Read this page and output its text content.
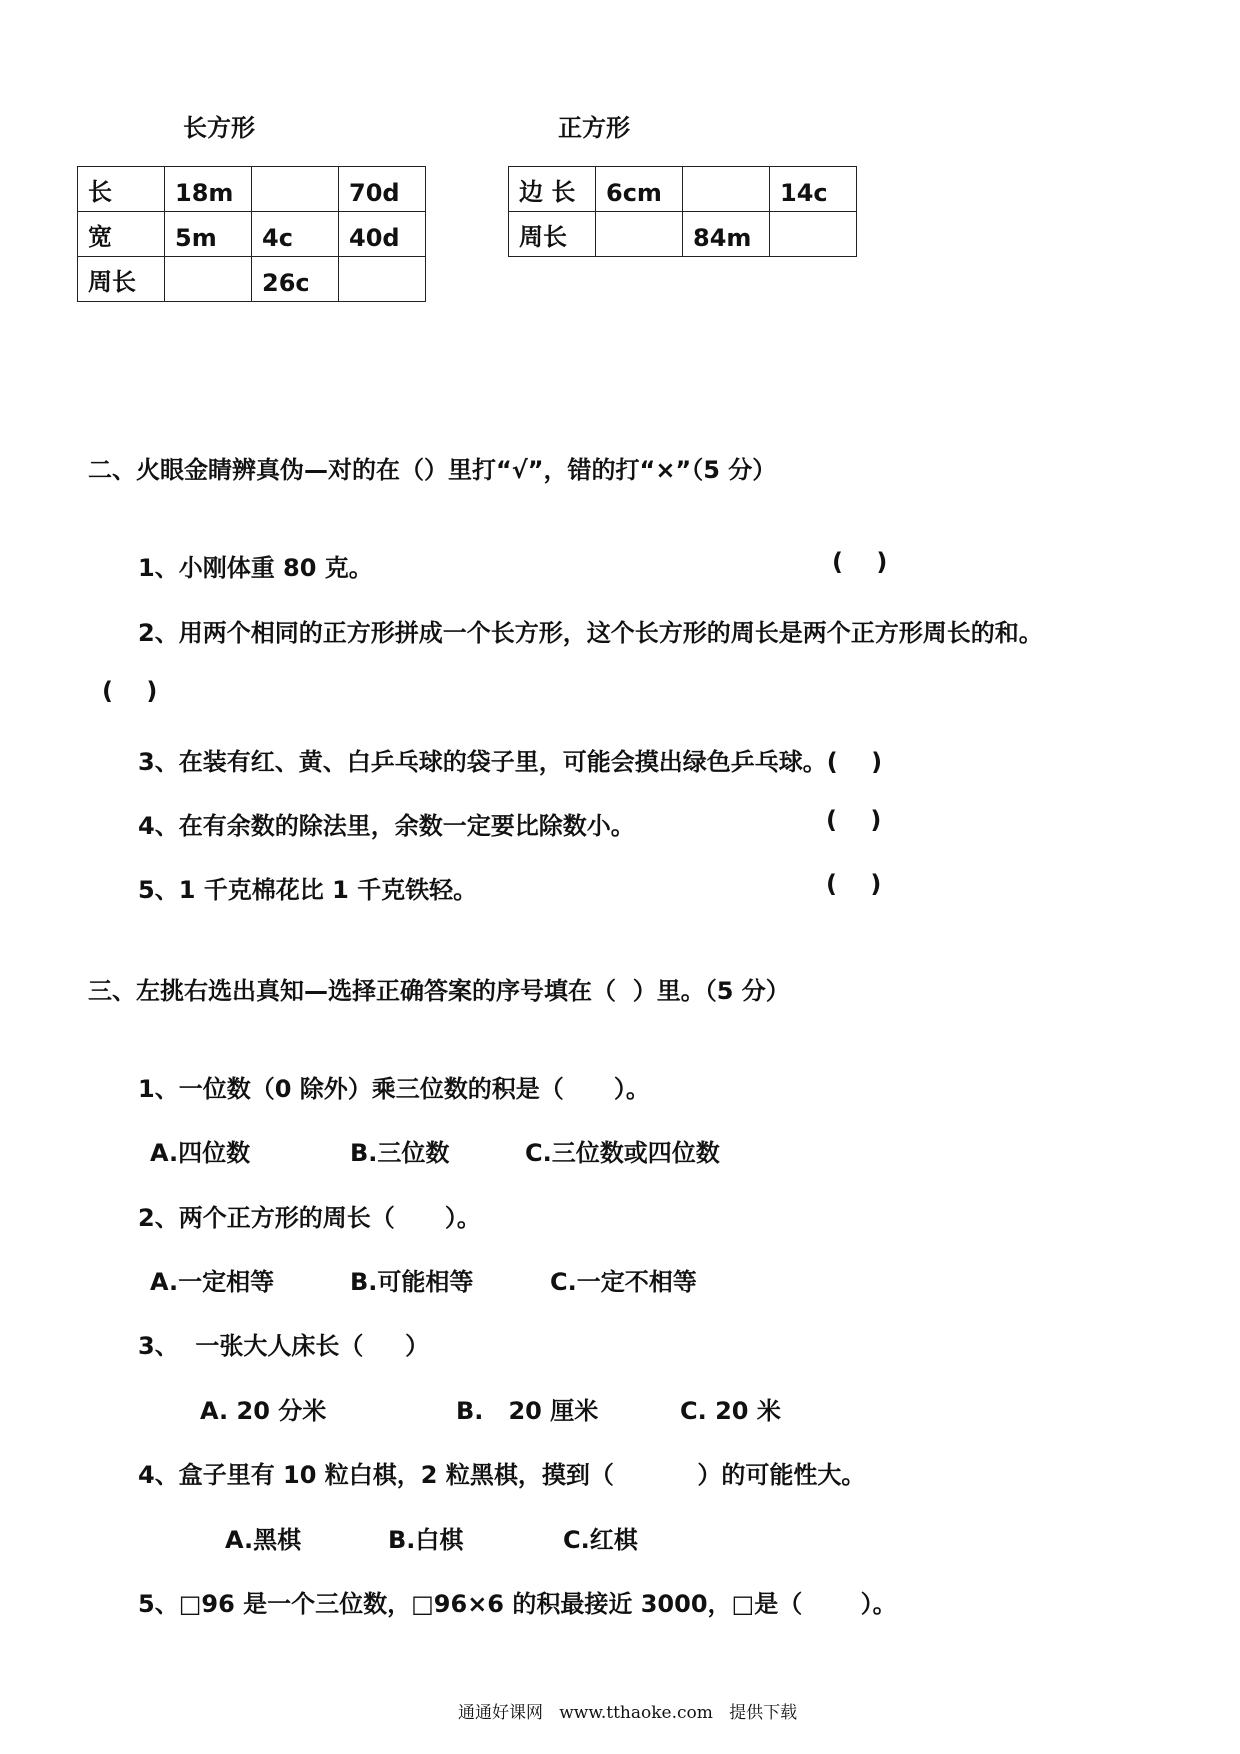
长方形	正方形
长	18m		70d

宽	5m	4c	40d

周长		26c	

边 长	6cm		14c

周长		84m	

二、火眼金睛辨真伪—对的在（）里打“√”，错的打“×”（5 分）
1、小刚体重 80 克。	(    )
2、用两个相同的正方形拼成一个长方形，这个长方形的周长是两个正方形周长的和。
(    )
3、在装有红、黄、白乒乓球的袋子里，可能会摸出绿色乒乓球。(    )
4、在有余数的除法里，余数一定要比除数小。	(    )
5、1 千克棉花比 1 千克铁轻。	(    )
三、左挑右选出真知—选择正确答案的序号填在（  ）里。（5 分）
1、一位数（0 除外）乘三位数的积是（      ）。
A.四位数	B.三位数	C.三位数或四位数
2、两个正方形的周长（      ）。
A.一定相等	B.可能相等	C.一定不相等
3、  一张大人床长（     ）
A. 20 分米	B.   20 厘米	C. 20 米
4、盒子里有 10 粒白棋，2 粒黑棋，摸到（          ）的可能性大。
A.黑棋	B.白棋	C.红棋
5、□96 是一个三位数，□96×6 的积最接近 3000，□是（       ）。
通通好课网   www.tthaoke.com   提供下载
